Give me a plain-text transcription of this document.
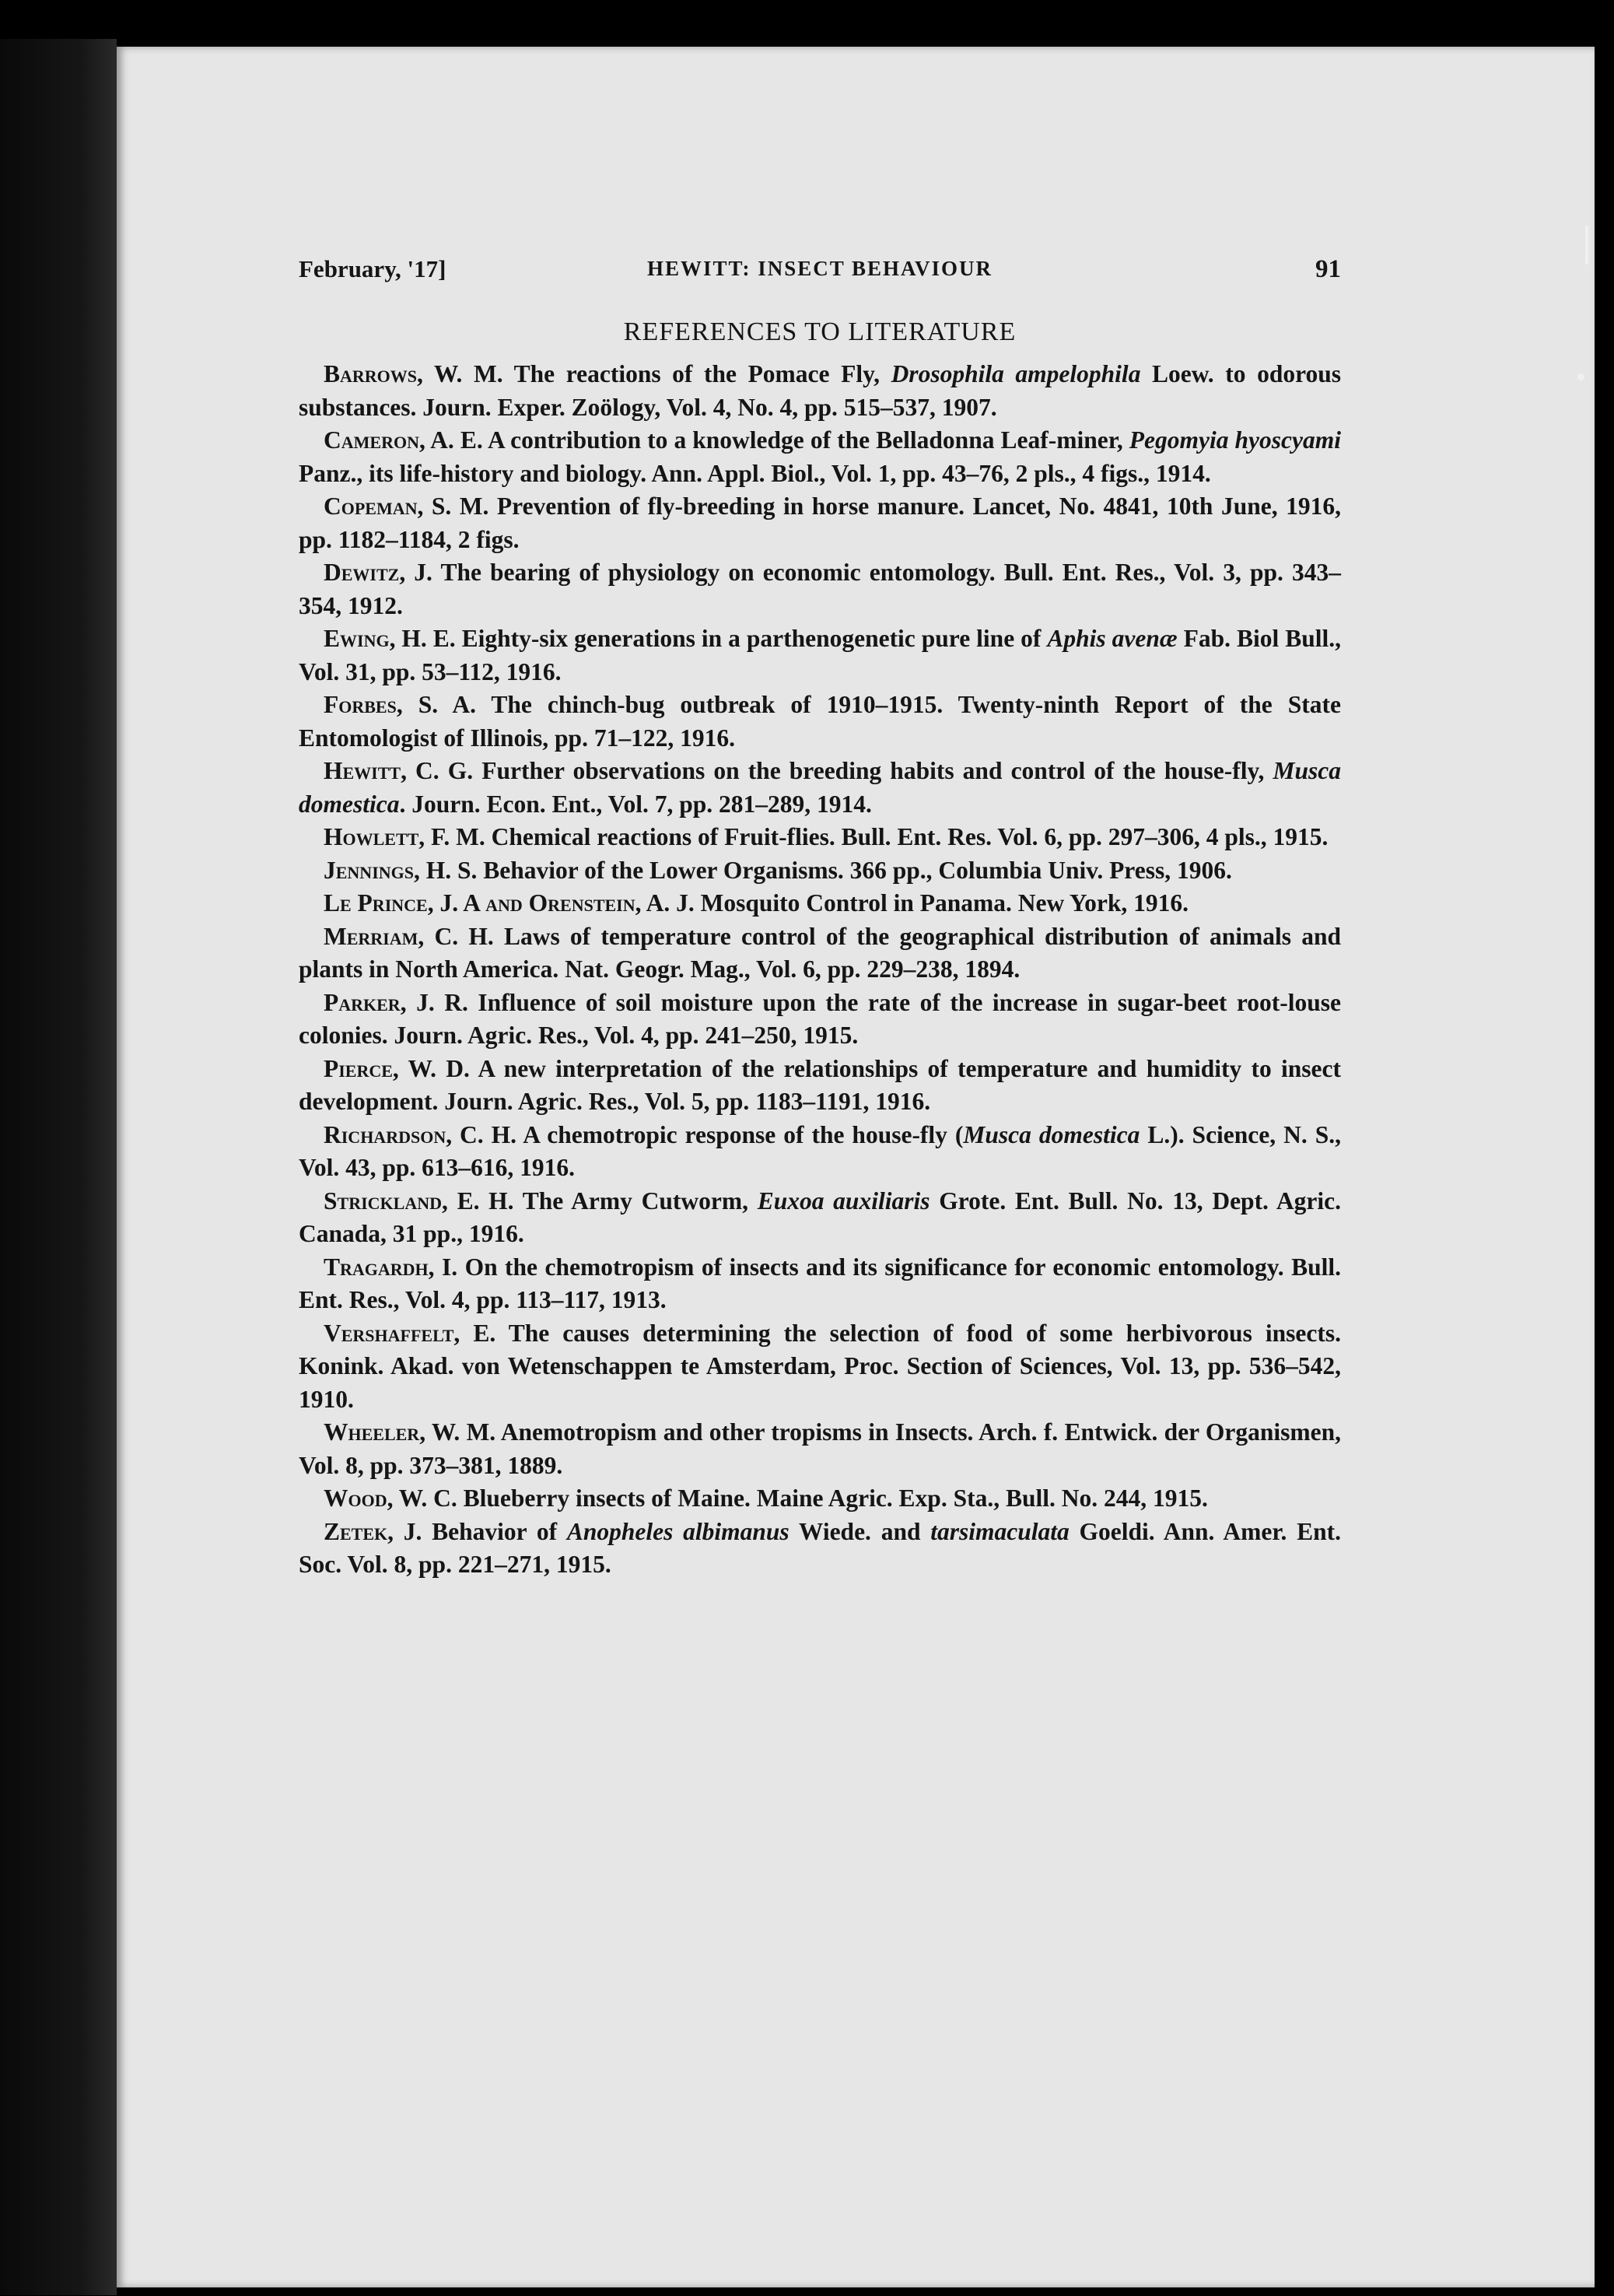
February, '17]	HEWITT: INSECT BEHAVIOUR	91
REFERENCES TO LITERATURE

Barrows, W. M. The reactions of the Pomace Fly, Drosophila ampelophila Loew. to odorous substances. Journ. Exper. Zoölogy, Vol. 4, No. 4, pp. 515–537, 1907.

Cameron, A. E. A contribution to a knowledge of the Belladonna Leaf-miner, Pegomyia hyoscyami Panz., its life-history and biology. Ann. Appl. Biol., Vol. 1, pp. 43–76, 2 pls., 4 figs., 1914.

Copeman, S. M. Prevention of fly-breeding in horse manure. Lancet, No. 4841, 10th June, 1916, pp. 1182–1184, 2 figs.

Dewitz, J. The bearing of physiology on economic entomology. Bull. Ent. Res., Vol. 3, pp. 343–354, 1912.

Ewing, H. E. Eighty-six generations in a parthenogenetic pure line of Aphis avenæ Fab. Biol Bull., Vol. 31, pp. 53–112, 1916.

Forbes, S. A. The chinch-bug outbreak of 1910–1915. Twenty-ninth Report of the State Entomologist of Illinois, pp. 71–122, 1916.

Hewitt, C. G. Further observations on the breeding habits and control of the house-fly, Musca domestica. Journ. Econ. Ent., Vol. 7, pp. 281–289, 1914.

Howlett, F. M. Chemical reactions of Fruit-flies. Bull. Ent. Res. Vol. 6, pp. 297–306, 4 pls., 1915.

Jennings, H. S. Behavior of the Lower Organisms. 366 pp., Columbia Univ. Press, 1906.

Le Prince, J. A and Orenstein, A. J. Mosquito Control in Panama. New York, 1916.

Merriam, C. H. Laws of temperature control of the geographical distribution of animals and plants in North America. Nat. Geogr. Mag., Vol. 6, pp. 229–238, 1894.

Parker, J. R. Influence of soil moisture upon the rate of the increase in sugar-beet root-louse colonies. Journ. Agric. Res., Vol. 4, pp. 241–250, 1915.

Pierce, W. D. A new interpretation of the relationships of temperature and humidity to insect development. Journ. Agric. Res., Vol. 5, pp. 1183–1191, 1916.

Richardson, C. H. A chemotropic response of the house-fly (Musca domestica L.). Science, N. S., Vol. 43, pp. 613–616, 1916.

Strickland, E. H. The Army Cutworm, Euxoa auxiliaris Grote. Ent. Bull. No. 13, Dept. Agric. Canada, 31 pp., 1916.

Tragardh, I. On the chemotropism of insects and its significance for economic entomology. Bull. Ent. Res., Vol. 4, pp. 113–117, 1913.

Vershaffelt, E. The causes determining the selection of food of some herbivorous insects. Konink. Akad. von Wetenschappen te Amsterdam, Proc. Section of Sciences, Vol. 13, pp. 536–542, 1910.

Wheeler, W. M. Anemotropism and other tropisms in Insects. Arch. f. Entwick. der Organismen, Vol. 8, pp. 373–381, 1889.

Wood, W. C. Blueberry insects of Maine. Maine Agric. Exp. Sta., Bull. No. 244, 1915.

Zetek, J. Behavior of Anopheles albimanus Wiede. and tarsimaculata Goeldi. Ann. Amer. Ent. Soc. Vol. 8, pp. 221–271, 1915.
